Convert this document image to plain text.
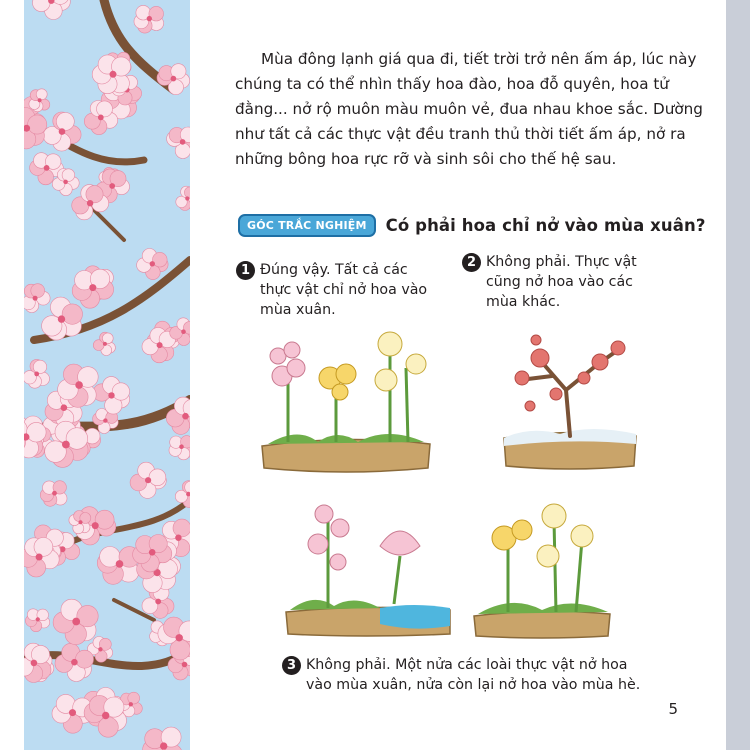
Mùa đông lạnh giá qua đi, tiết trời trở nên ấm áp, lúc này chúng ta có thể nhìn thấy hoa đào, hoa đỗ quyên, hoa tử đằng... nở rộ muôn màu muôn vẻ, đua nhau khoe sắc. Dường như tất cả các thực vật đều tranh thủ thời tiết ấm áp, nở ra những bông hoa rực rỡ và sinh sôi cho thế hệ sau.

GÓC TRẮC NGHIỆM	Có phải hoa chỉ nở vào mùa xuân?
1 Đúng vậy. Tất cả các
thực vật chỉ nở hoa vào
mùa xuân.
2 Không phải. Thực vật
cũng nở hoa vào các
mùa khác.
3 Không phải. Một nửa các loài thực vật nở hoa
vào mùa xuân, nửa còn lại nở hoa vào mùa hè.
5
